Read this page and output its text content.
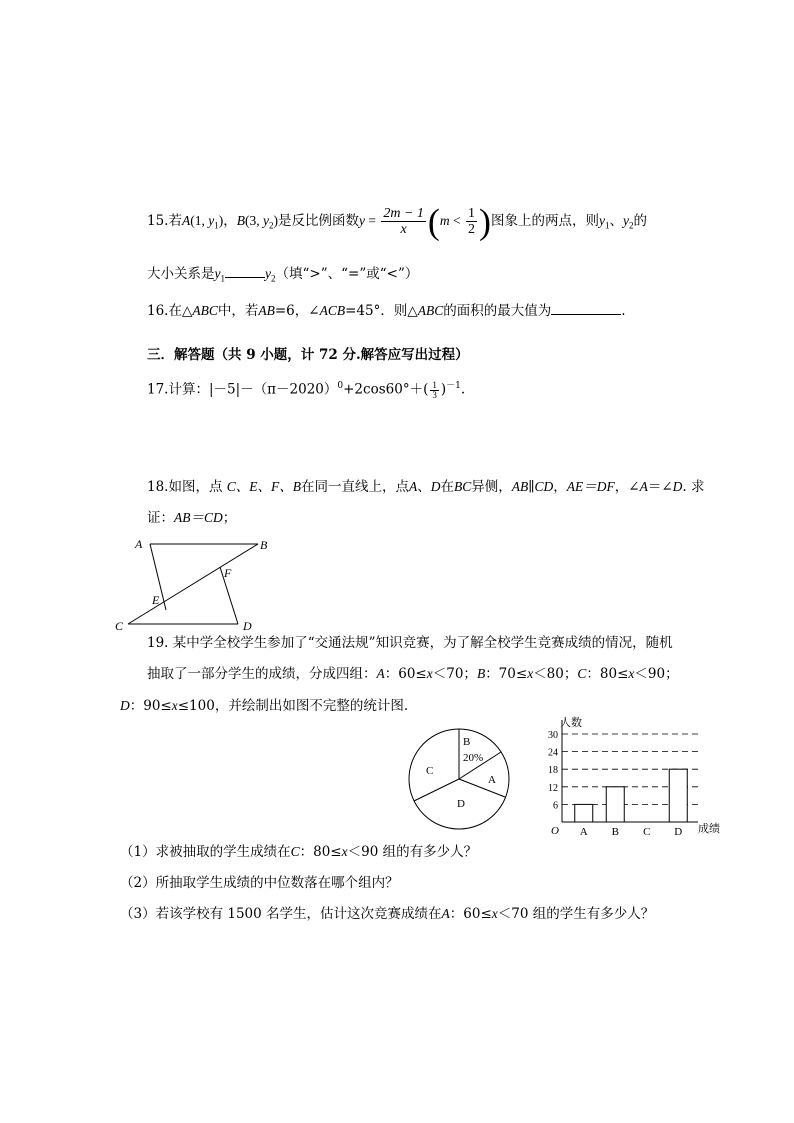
15.若A(1, $y_1$)，B(3, $y_2$)是反比例函数$y = \frac{2m - 1}{x} (m < \frac{1}{2}$ )图象上的两点，则$y_1$、$y_2$的
大小关系是$y_1$	$y_2$（填“>”、“=”或“<”）
16.在△ABC中，若AB=6，∠ACB=45°．则△ABC的面积的最大值为	.
三．解答题（共 9 小题，计 72 分.解答应写出过程）
17.计算：$|-5|-(\pi-2020)^0+2\cos 60^\circ+( \frac{1}{3} )^{-1}$.
18.如图，点 C、E、F、B在同一直线上，点A、D在BC异侧，AB∥CD，AE＝DF，∠A＝∠D. 求
证：AB＝CD；
A	B
C	D
E
F
19. 某中学全校学生参加了“交通法规”知识竞赛，为了解全校学生竞赛成绩的情况，随机
抽取了一部分学生的成绩，分成四组：A：60≤x＜70；B：70≤x＜80；C：80≤x＜90；
D：90≤x≤100，并绘制出如图不完整的统计图.
B
20%
A
C
D	6
12
18
24
30
A B C D
人数
成绩
O
（1）求被抽取的学生成绩在C：80≤x＜90 组的有多少人？
（2）所抽取学生成绩的中位数落在哪个组内？
（3）若该学校有 1500 名学生，估计这次竞赛成绩在A：60≤x＜70 组的学生有多少人？
